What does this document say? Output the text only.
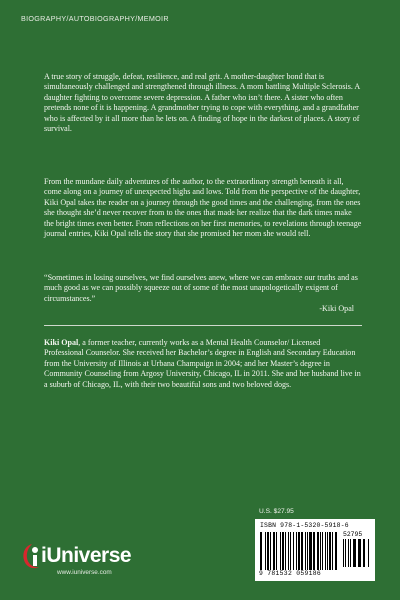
BIOGRAPHY/AUTOBIOGRAPHY/MEMOIR
A true story of struggle, defeat, resilience, and real grit. A mother-daughter bond that is simultaneously challenged and strengthened through illness. A mom battling Multiple Sclerosis. A daughter fighting to overcome severe depression. A father who isn’t there. A sister who often pretends none of it is happening. A grandmother trying to cope with everything, and a grandfather who is affected by it all more than he lets on. A finding of hope in the darkest of places. A story of survival.
From the mundane daily adventures of the author, to the extraordinary strength beneath it all, come along on a journey of unexpected highs and lows. Told from the perspective of the daughter, Kiki Opal takes the reader on a journey through the good times and the challenging, from the ones she thought she’d never recover from to the ones that made her realize that the dark times make the bright times even better. From reflections on her first memories, to revelations through teenage journal entries, Kiki Opal tells the story that she promised her mom she would tell.
“Sometimes in losing ourselves, we find ourselves anew, where we can embrace our truths and as much good as we can possibly squeeze out of some of the most unapologetically exigent of circumstances.”
-Kiki Opal
Kiki Opal, a former teacher, currently works as a Mental Health Counselor/ Licensed Professional Counselor. She received her Bachelor’s degree in English and Secondary Education from the University of Illinois at Urbana Champaign in 2004; and her Master’s degree in Community Counseling from Argosy University, Chicago, IL in 2011. She and her husband live in a suburb of Chicago, IL, with their two beautiful sons and two beloved dogs.
U.S. $27.95
ISBN 978-1-5320-5918-6
9 781532 059186
52795
iUniverse
www.iuniverse.com
